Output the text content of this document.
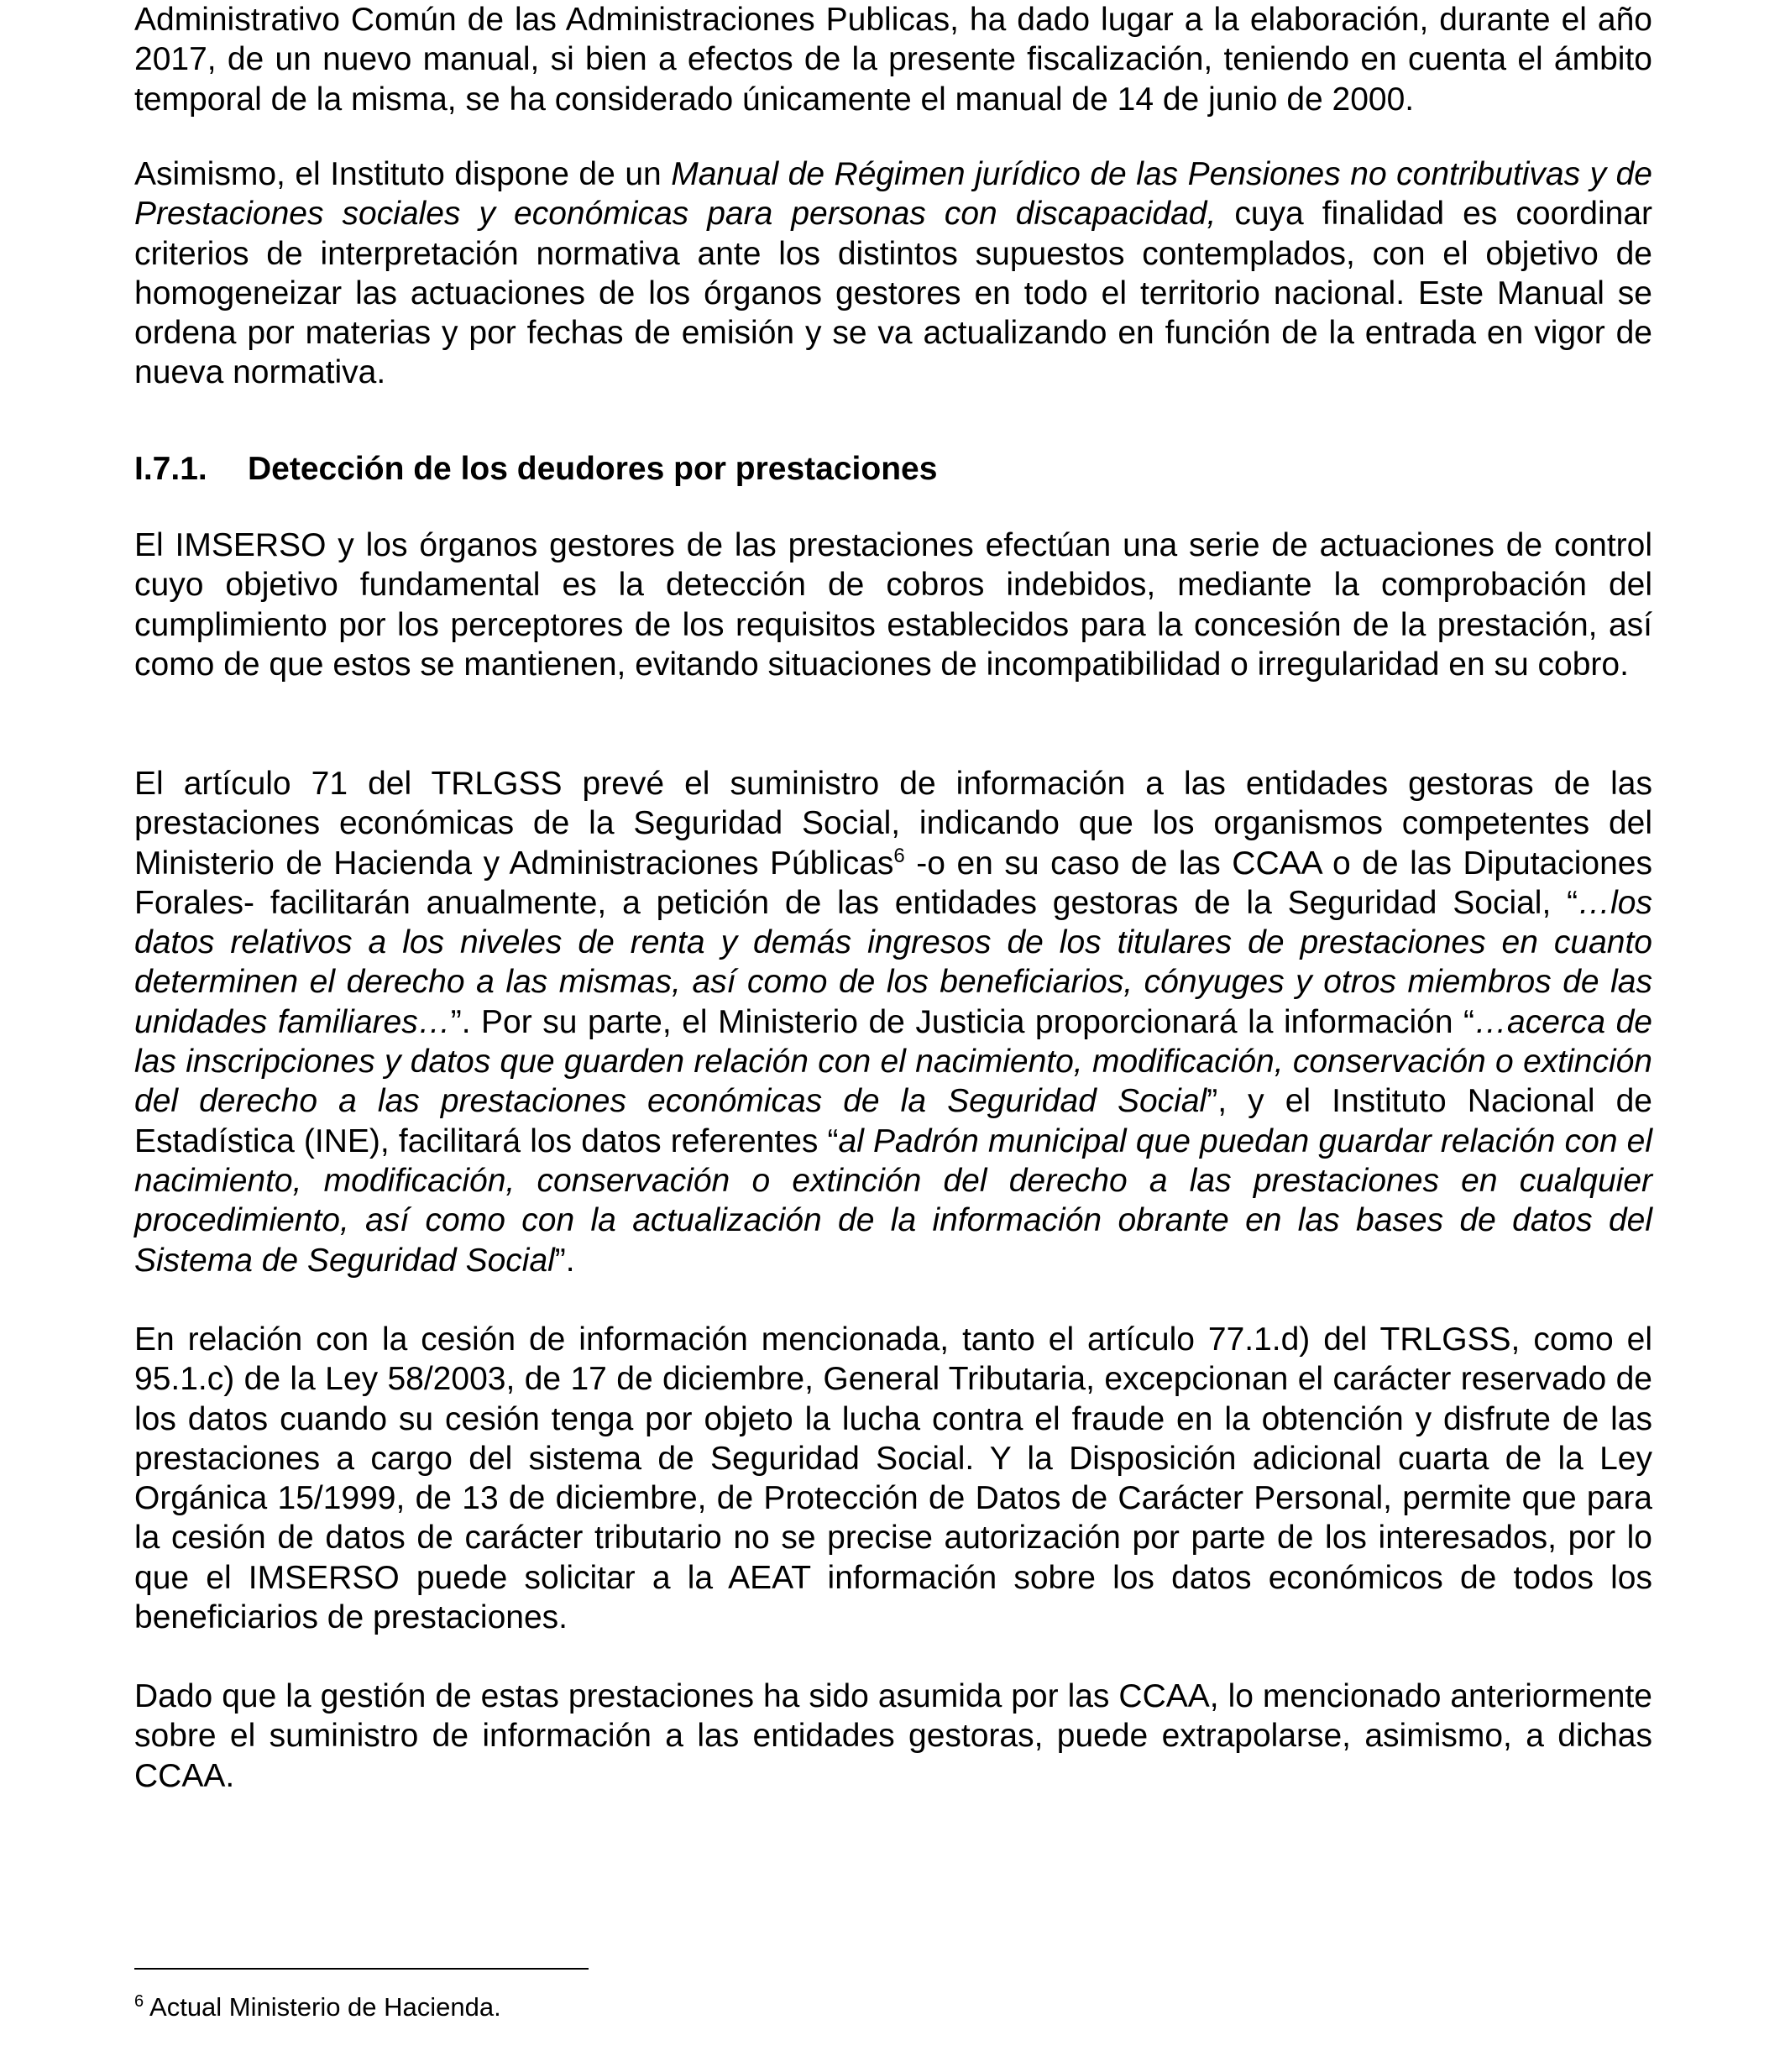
Administrativo Común de las Administraciones Publicas, ha dado lugar a la elaboración, durante el año 2017, de un nuevo manual, si bien a efectos de la presente fiscalización, teniendo en cuenta el ámbito temporal de la misma, se ha considerado únicamente el manual de 14 de junio de 2000.

Asimismo, el Instituto dispone de un Manual de Régimen jurídico de las Pensiones no contributivas y de Prestaciones sociales y económicas para personas con discapacidad, cuya finalidad es coordinar criterios de interpretación normativa ante los distintos supuestos contemplados, con el objetivo de homogeneizar las actuaciones de los órganos gestores en todo el territorio nacional. Este Manual se ordena por materias y por fechas de emisión y se va actualizando en función de la entrada en vigor de nueva normativa.

I.7.1. Detección de los deudores por prestaciones

El IMSERSO y los órganos gestores de las prestaciones efectúan una serie de actuaciones de control cuyo objetivo fundamental es la detección de cobros indebidos, mediante la comprobación del cumplimiento por los perceptores de los requisitos establecidos para la concesión de la prestación, así como de que estos se mantienen, evitando situaciones de incompatibilidad o irregularidad en su cobro.

El artículo 71 del TRLGSS prevé el suministro de información a las entidades gestoras de las prestaciones económicas de la Seguridad Social, indicando que los organismos competentes del Ministerio de Hacienda y Administraciones Públicas$^6$ -o en su caso de las CCAA o de las Diputaciones Forales- facilitarán anualmente, a petición de las entidades gestoras de la Seguridad Social, “…los datos relativos a los niveles de renta y demás ingresos de los titulares de prestaciones en cuanto determinen el derecho a las mismas, así como de los beneficiarios, cónyuges y otros miembros de las unidades familiares…”. Por su parte, el Ministerio de Justicia proporcionará la información “…acerca de las inscripciones y datos que guarden relación con el nacimiento, modificación, conservación o extinción del derecho a las prestaciones económicas de la Seguridad Social”, y el Instituto Nacional de Estadística (INE), facilitará los datos referentes “al Padrón municipal que puedan guardar relación con el nacimiento, modificación, conservación o extinción del derecho a las prestaciones en cualquier procedimiento, así como con la actualización de la información obrante en las bases de datos del Sistema de Seguridad Social”.

En relación con la cesión de información mencionada, tanto el artículo 77.1.d) del TRLGSS, como el 95.1.c) de la Ley 58/2003, de 17 de diciembre, General Tributaria, excepcionan el carácter reservado de los datos cuando su cesión tenga por objeto la lucha contra el fraude en la obtención y disfrute de las prestaciones a cargo del sistema de Seguridad Social. Y la Disposición adicional cuarta de la Ley Orgánica 15/1999, de 13 de diciembre, de Protección de Datos de Carácter Personal, permite que para la cesión de datos de carácter tributario no se precise autorización por parte de los interesados, por lo que el IMSERSO puede solicitar a la AEAT información sobre los datos económicos de todos los beneficiarios de prestaciones.

Dado que la gestión de estas prestaciones ha sido asumida por las CCAA, lo mencionado anteriormente sobre el suministro de información a las entidades gestoras, puede extrapolarse, asimismo, a dichas CCAA.

$^6$ Actual Ministerio de Hacienda.
